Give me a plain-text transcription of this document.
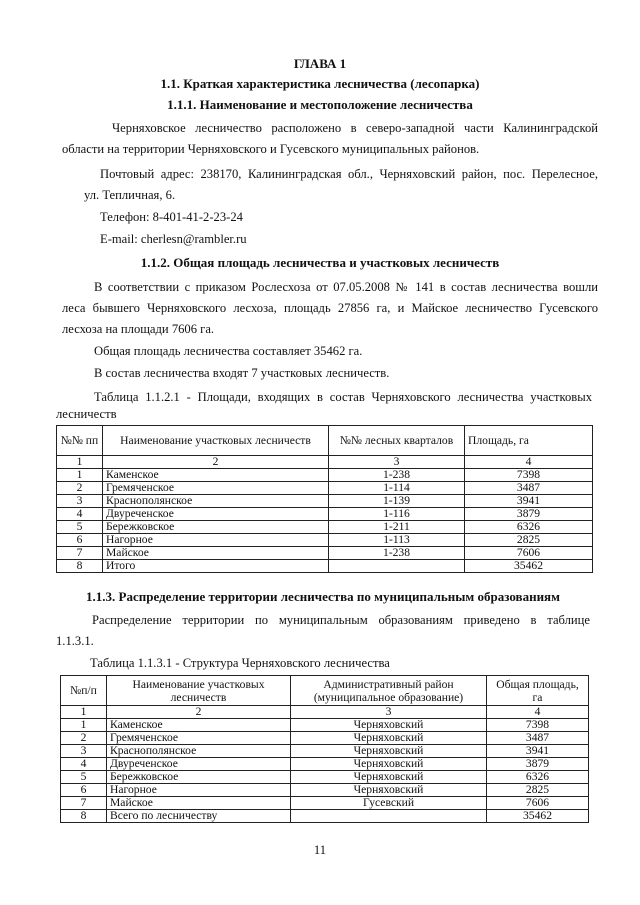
ГЛАВА 1
1.1. Краткая характеристика лесничества (лесопарка)
1.1.1. Наименование и местоположение лесничества
Черняховское лесничество расположено в северо-западной части Калининградской
области на территории Черняховского и Гусевского муниципальных районов.
Почтовый адрес: 238170, Калининградская обл., Черняховский район, пос. Перелесное,
ул. Тепличная, 6.
Телефон: 8-401-41-2-23-24
E-mail: cherlesn@rambler.ru
1.1.2. Общая площадь лесничества и участковых лесничеств
В соответствии с приказом Рослесхоза от 07.05.2008 № 141 в состав лесничества вошли
леса бывшего Черняховского лесхоза, площадь 27856 га, и Майское лесничество Гусевского
лесхоза на площади 7606 га.
Общая площадь лесничества составляет 35462 га.
В состав лесничества входят 7 участковых лесничеств.
Таблица 1.1.2.1 - Площади, входящих в состав Черняховского лесничества участковых
лесничеств
№№ пп	Наименование участковых лесничеств	№№ лесных кварталов	Площадь, га
1	2	3	4
1	Каменское	1-238	7398
2	Гремяченское	1-114	3487
3	Краснополянское	1-139	3941
4	Двуреченское	1-116	3879
5	Бережковское	1-211	6326
6	Нагорное	1-113	2825
7	Майское	1-238	7606
8	Итого		35462
1.1.3. Распределение территории лесничества по муниципальным образованиям
Распределение территории по муниципальным образованиям приведено в таблице
1.1.3.1.
Таблица 1.1.3.1 - Структура Черняховского лесничества
№п/п	Наименование участковых лесничеств	Административный район (муниципальное образование)	Общая площадь, га
1	2	3	4
1	Каменское	Черняховский	7398
2	Гремяченское	Черняховский	3487
3	Краснополянское	Черняховский	3941
4	Двуреченское	Черняховский	3879
5	Бережковское	Черняховский	6326
6	Нагорное	Черняховский	2825
7	Майское	Гусевский	7606
8	Всего по лесничеству		35462
11
